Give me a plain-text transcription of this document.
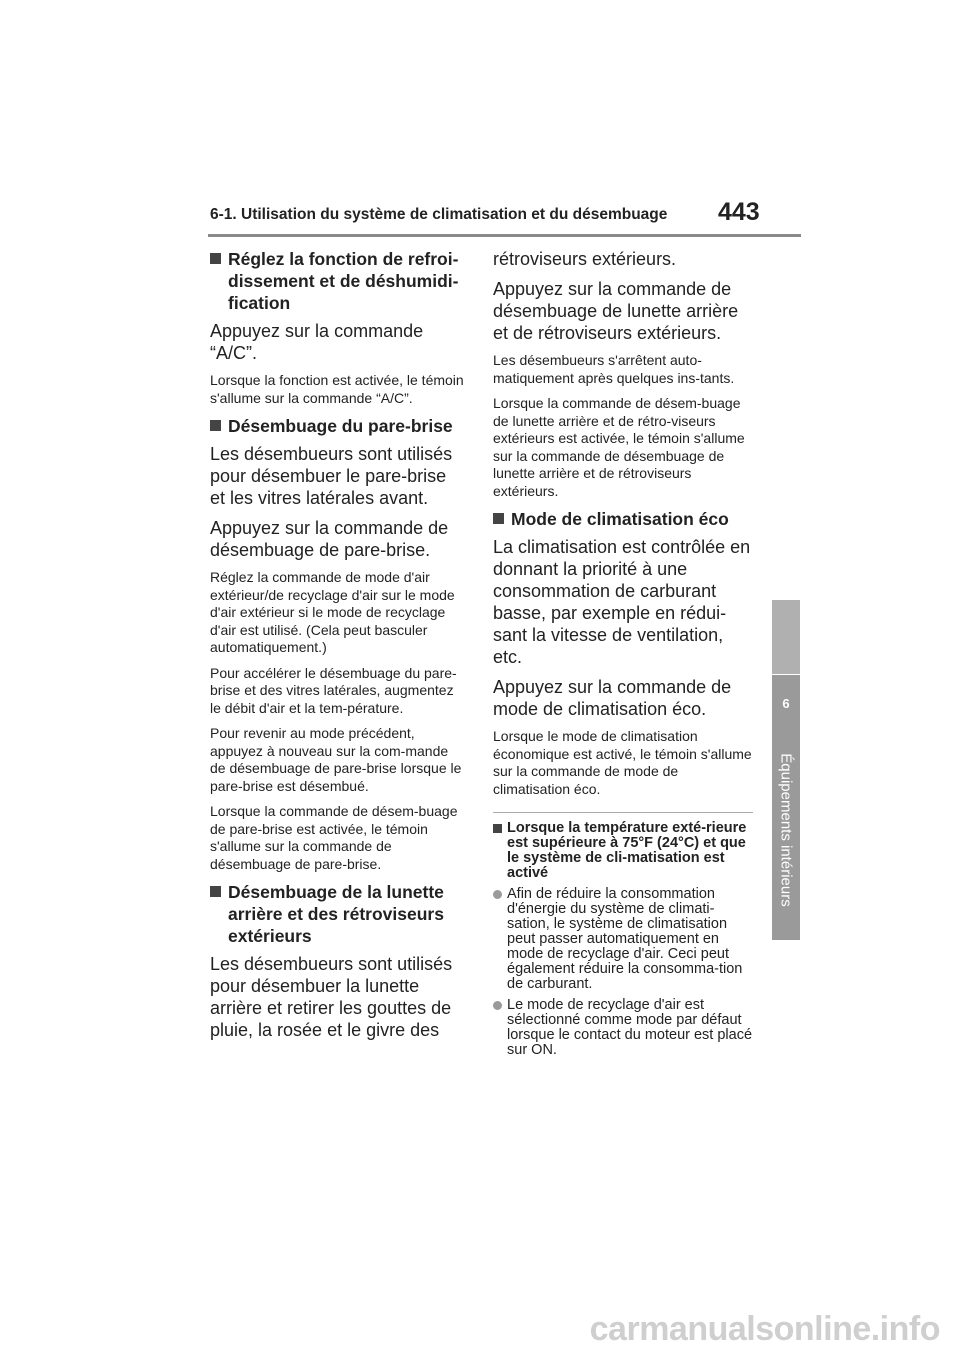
6-1. Utilisation du système de climatisation et du désembuage 443
6
Équipements intérieurs
Réglez la fonction de refroi-dissement et de déshumidi-fication

Appuyez sur la commande “A/C”.

Lorsque la fonction est activée, le témoin s'allume sur la commande “A/C”.

Désembuage du pare-brise

Les désembueurs sont utilisés pour désembuer le pare-brise et les vitres latérales avant.

Appuyez sur la commande de désembuage de pare-brise.

Réglez la commande de mode d'air extérieur/de recyclage d'air sur le mode d'air extérieur si le mode de recyclage d'air est utilisé. (Cela peut basculer automatiquement.)

Pour accélérer le désembuage du pare-brise et des vitres latérales, augmentez le débit d'air et la tem-pérature.

Pour revenir au mode précédent, appuyez à nouveau sur la com-mande de désembuage de pare-brise lorsque le pare-brise est désembué.

Lorsque la commande de désem-buage de pare-brise est activée, le témoin s'allume sur la commande de désembuage de pare-brise.

Désembuage de la lunette arrière et des rétroviseurs extérieurs

Les désembueurs sont utilisés pour désembuer la lunette arrière et retirer les gouttes de pluie, la rosée et le givre des

rétroviseurs extérieurs.

Appuyez sur la commande de désembuage de lunette arrière et de rétroviseurs extérieurs.

Les désembueurs s'arrêtent auto-matiquement après quelques ins-tants.

Lorsque la commande de désem-buage de lunette arrière et de rétro-viseurs extérieurs est activée, le témoin s'allume sur la commande de désembuage de lunette arrière et de rétroviseurs extérieurs.

Mode de climatisation éco

La climatisation est contrôlée en donnant la priorité à une consommation de carburant basse, par exemple en rédui-sant la vitesse de ventilation, etc.

Appuyez sur la commande de mode de climatisation éco.

Lorsque le mode de climatisation économique est activé, le témoin s'allume sur la commande de mode de climatisation éco.

Lorsque la température exté-rieure est supérieure à 75°F (24°C) et que le système de cli-matisation est activé
Afin de réduire la consommation d'énergie du système de climati-sation, le système de climatisation peut passer automatiquement en mode de recyclage d'air. Ceci peut également réduire la consomma-tion de carburant.
Le mode de recyclage d'air est sélectionné comme mode par défaut lorsque le contact du moteur est placé sur ON.
carmanualsonline.info
